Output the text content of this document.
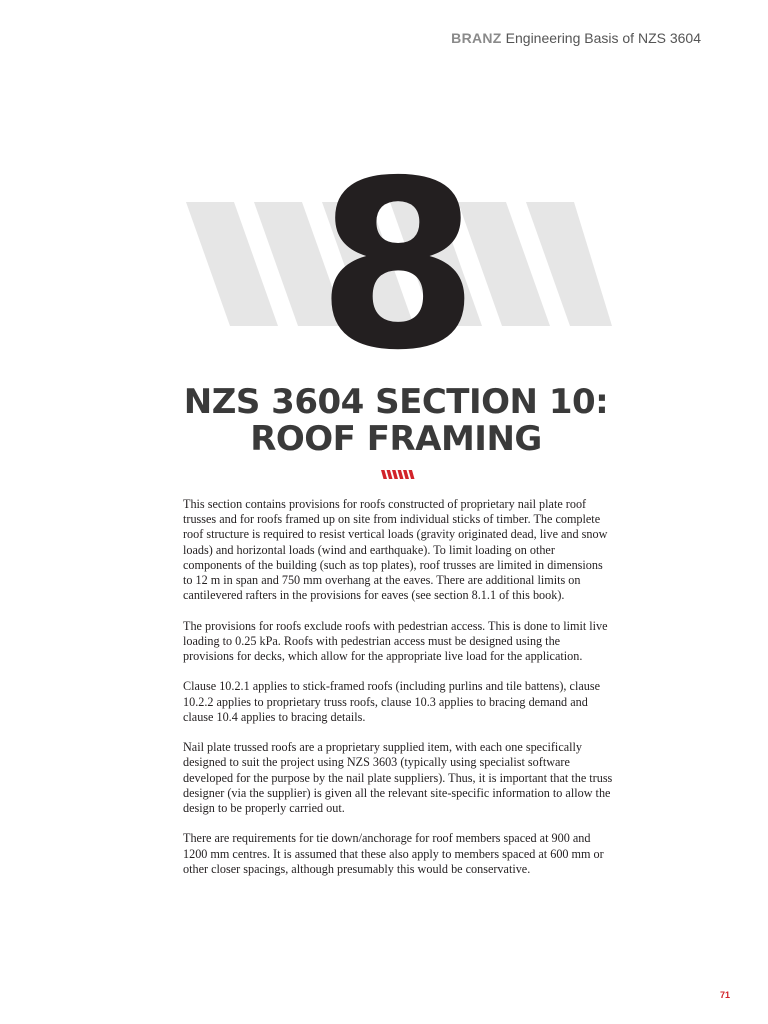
BRANZ Engineering Basis of NZS 3604
8
NZS 3604 SECTION 10:
ROOF FRAMING

This section contains provisions for roofs constructed of proprietary nail plate roof trusses and for roofs framed up on site from individual sticks of timber. The complete roof structure is required to resist vertical loads (gravity originated dead, live and snow loads) and horizontal loads (wind and earthquake). To limit loading on other components of the building (such as top plates), roof trusses are limited in dimensions to 12 m in span and 750 mm overhang at the eaves. There are additional limits on cantilevered rafters in the provisions for eaves (see section 8.1.1 of this book).

The provisions for roofs exclude roofs with pedestrian access. This is done to limit live loading to 0.25 kPa. Roofs with pedestrian access must be designed using the provisions for decks, which allow for the appropriate live load for the application.

Clause 10.2.1 applies to stick-framed roofs (including purlins and tile battens), clause 10.2.2 applies to proprietary truss roofs, clause 10.3 applies to bracing demand and clause 10.4 applies to bracing details.

Nail plate trussed roofs are a proprietary supplied item, with each one specifically designed to suit the project using NZS 3603 (typically using specialist software developed for the purpose by the nail plate suppliers). Thus, it is important that the truss designer (via the supplier) is given all the relevant site-specific information to allow the design to be properly carried out.

There are requirements for tie down/anchorage for roof members spaced at 900 and 1200 mm centres. It is assumed that these also apply to members spaced at 600 mm or other closer spacings, although presumably this would be conservative.

71
